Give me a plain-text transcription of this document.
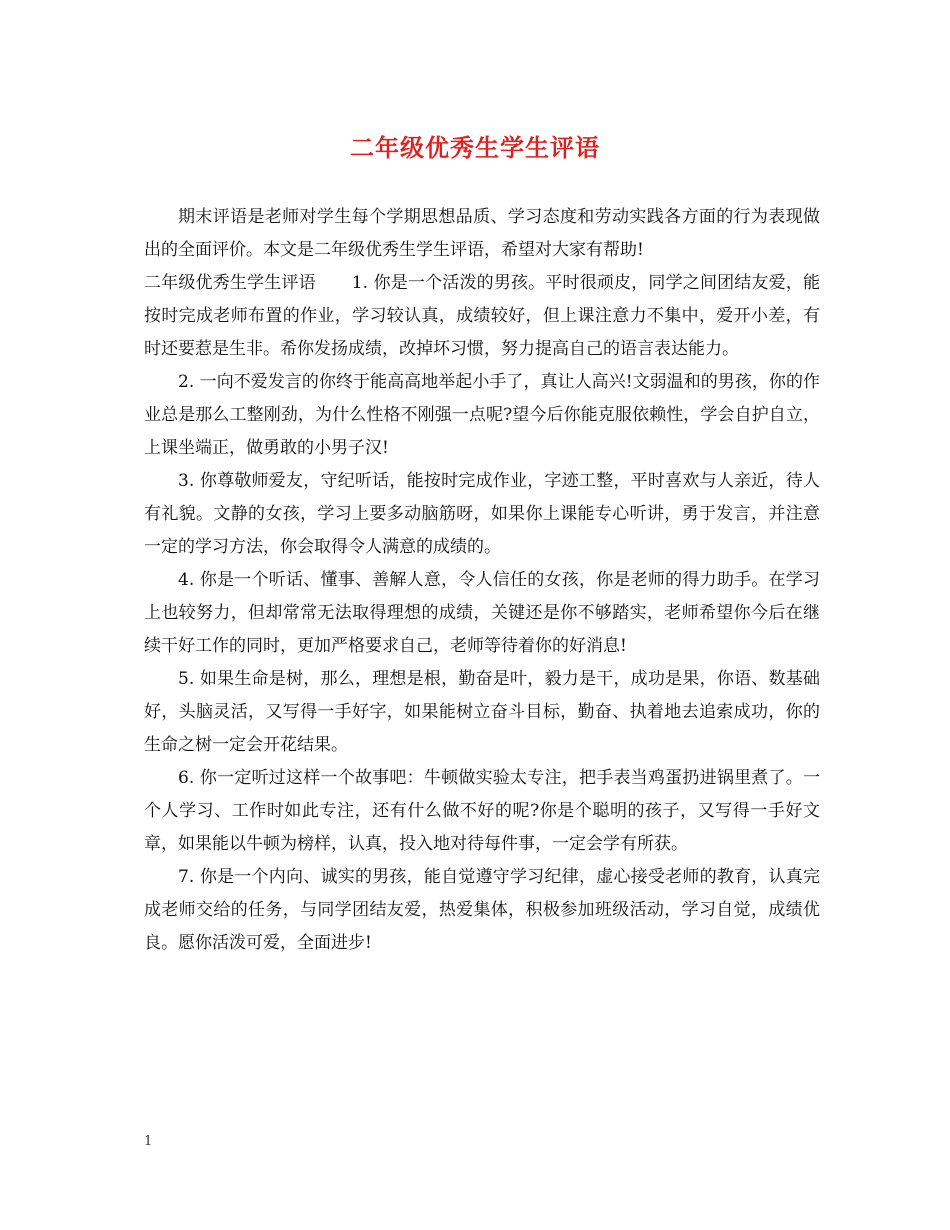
二年级优秀生学生评语

期末评语是老师对学生每个学期思想品质、学习态度和劳动实践各方面的行为表现做出的全面评价。本文是二年级优秀生学生评语，希望对大家有帮助!

二年级优秀生学生评语 1. 你是一个活泼的男孩。平时很顽皮，同学之间团结友爱，能按时完成老师布置的作业，学习较认真，成绩较好，但上课注意力不集中，爱开小差，有时还要惹是生非。希你发扬成绩，改掉坏习惯，努力提高自己的语言表达能力。

2. 一向不爱发言的你终于能高高地举起小手了，真让人高兴!文弱温和的男孩，你的作业总是那么工整刚劲，为什么性格不刚强一点呢?望今后你能克服依赖性，学会自护自立，上课坐端正，做勇敢的小男子汉!

3. 你尊敬师爱友，守纪听话，能按时完成作业，字迹工整，平时喜欢与人亲近，待人有礼貌。文静的女孩，学习上要多动脑筋呀，如果你上课能专心听讲，勇于发言，并注意一定的学习方法，你会取得令人满意的成绩的。

4. 你是一个听话、懂事、善解人意，令人信任的女孩，你是老师的得力助手。在学习上也较努力，但却常常无法取得理想的成绩，关键还是你不够踏实，老师希望你今后在继续干好工作的同时，更加严格要求自己，老师等待着你的好消息!

5. 如果生命是树，那么，理想是根，勤奋是叶，毅力是干，成功是果，你语、数基础好，头脑灵活，又写得一手好字，如果能树立奋斗目标，勤奋、执着地去追索成功，你的生命之树一定会开花结果。

6. 你一定听过这样一个故事吧：牛顿做实验太专注，把手表当鸡蛋扔进锅里煮了。一个人学习、工作时如此专注，还有什么做不好的呢?你是个聪明的孩子，又写得一手好文章，如果能以牛顿为榜样，认真，投入地对待每件事，一定会学有所获。

7. 你是一个内向、诚实的男孩，能自觉遵守学习纪律，虚心接受老师的教育，认真完成老师交给的任务，与同学团结友爱，热爱集体，积极参加班级活动，学习自觉，成绩优良。愿你活泼可爱，全面进步!

1
